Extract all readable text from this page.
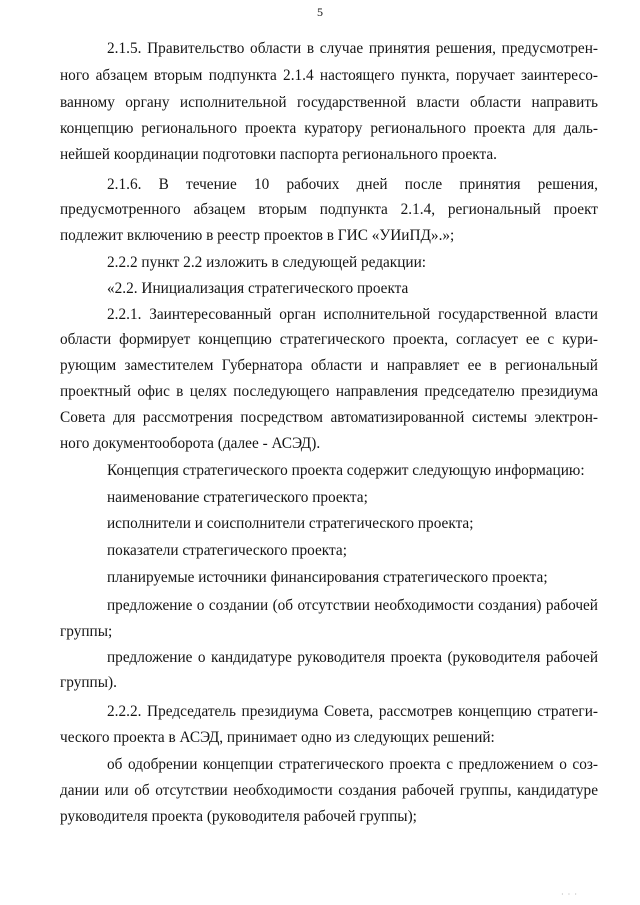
5
2.1.5. Правительство области в случае принятия решения, предусмотрен-
ного абзацем вторым подпункта 2.1.4 настоящего пункта, поручает заинтересо-
ванному органу исполнительной государственной власти области направить
концепцию регионального проекта куратору регионального проекта для даль-
нейшей координации подготовки паспорта регионального проекта.
2.1.6. В течение 10 рабочих дней после принятия решения,
предусмотренного абзацем вторым подпункта 2.1.4, региональный проект
подлежит включению в реестр проектов в ГИС «УИиПД».»;
2.2.2 пункт 2.2 изложить в следующей редакции:
«2.2. Инициализация стратегического проекта
2.2.1. Заинтересованный орган исполнительной государственной власти
области формирует концепцию стратегического проекта, согласует ее с кури-
рующим заместителем Губернатора области и направляет ее в региональный
проектный офис в целях последующего направления председателю президиума
Совета для рассмотрения посредством автоматизированной системы электрон-
ного документооборота (далее - АСЭД).
Концепция стратегического проекта содержит следующую информацию:
наименование стратегического проекта;
исполнители и соисполнители стратегического проекта;
показатели стратегического проекта;
планируемые источники финансирования стратегического проекта;
предложение о создании (об отсутствии необходимости создания) рабочей
группы;
предложение о кандидатуре руководителя проекта (руководителя рабочей
группы).
2.2.2. Председатель президиума Совета, рассмотрев концепцию стратеги-
ческого проекта в АСЭД, принимает одно из следующих решений:
об одобрении концепции стратегического проекта с предложением о соз-
дании или об отсутствии необходимости создания рабочей группы, кандидатуре
руководителя проекта (руководителя рабочей группы);
· · ·
